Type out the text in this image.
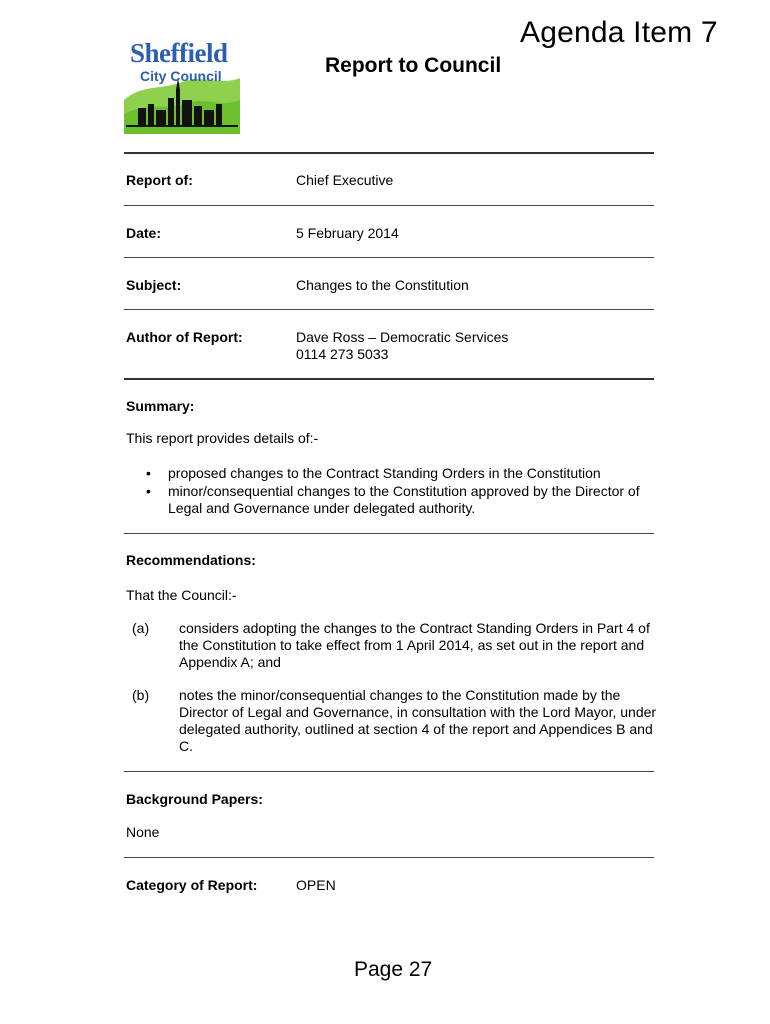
Agenda Item 7
Report to Council
Sheffield
City Council
Report of:	Chief Executive
Date:	5 February 2014
Subject:	Changes to the Constitution
Author of Report:	Dave Ross – Democratic Services
0114 273 5033
Summary:
This report provides details of:-
• proposed changes to the Contract Standing Orders in the Constitution
• minor/consequential changes to the Constitution approved by the Director of Legal and Governance under delegated authority.
Recommendations:
That the Council:-
(a) considers adopting the changes to the Contract Standing Orders in Part 4 of the Constitution to take effect from 1 April 2014, as set out in the report and Appendix A; and
(b) notes the minor/consequential changes to the Constitution made by the Director of Legal and Governance, in consultation with the Lord Mayor, under delegated authority, outlined at section 4 of the report and Appendices B and C.
Background Papers:
None
Category of Report:	OPEN
Page 27
